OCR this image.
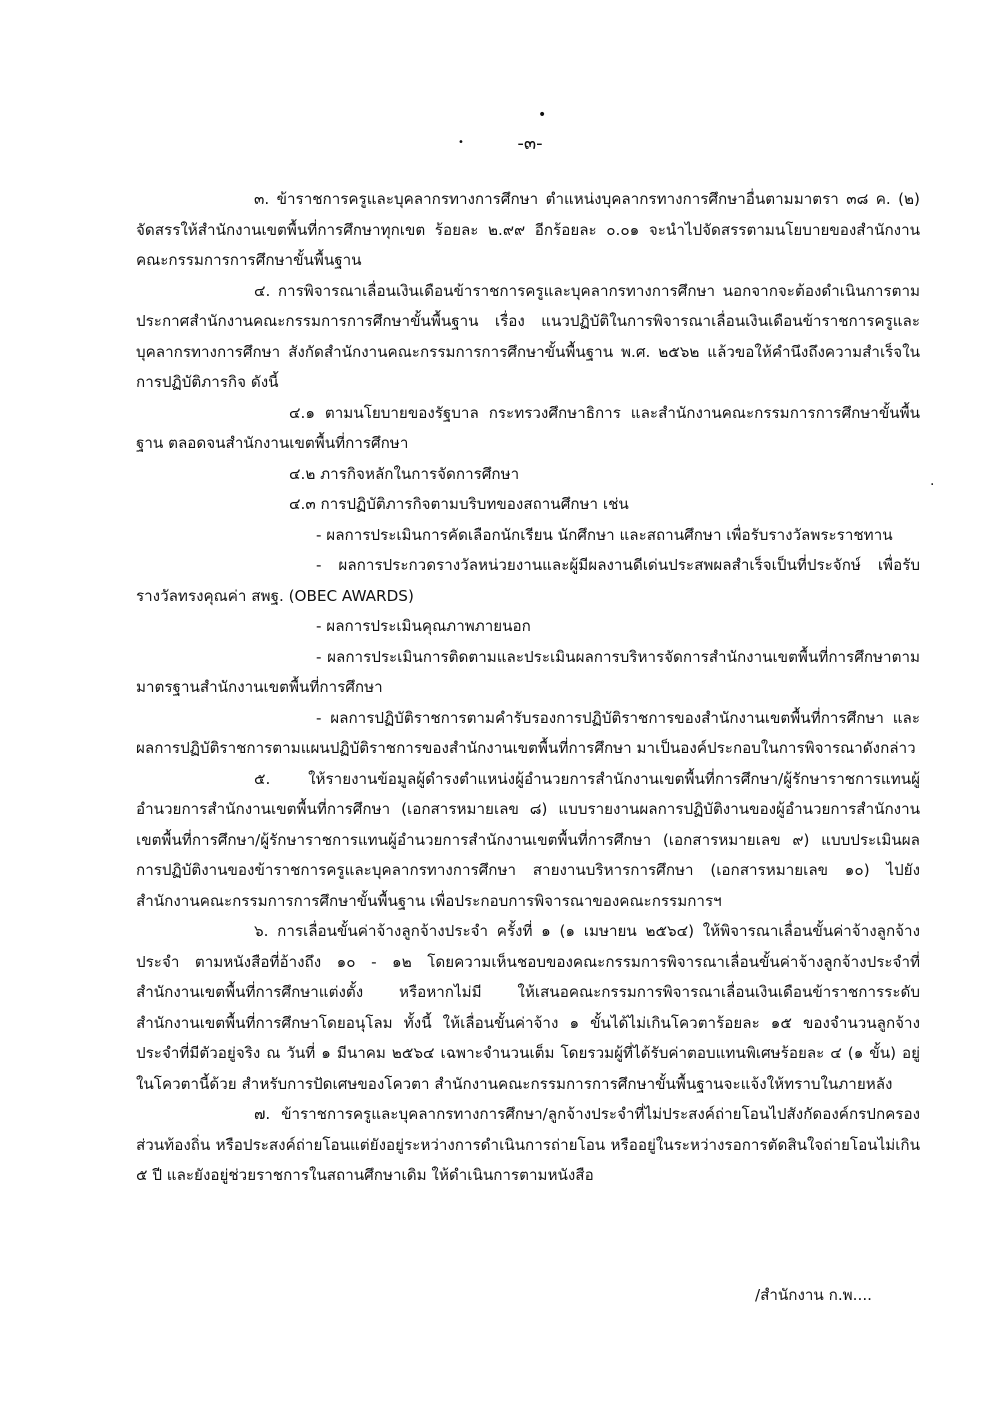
•
•
.
-๓-

๓. ข้าราชการครูและบุคลากรทางการศึกษา ตำแหน่งบุคลากรทางการศึกษาอื่นตามมาตรา ๓๘ ค. (๒) จัดสรรให้สำนักงานเขตพื้นที่การศึกษาทุกเขต ร้อยละ ๒.๙๙ อีกร้อยละ ๐.๐๑ จะนำไปจัดสรรตามนโยบายของสำนักงานคณะกรรมการการศึกษาขั้นพื้นฐาน

๔. การพิจารณาเลื่อนเงินเดือนข้าราชการครูและบุคลากรทางการศึกษา นอกจากจะต้องดำเนินการตามประกาศสำนักงานคณะกรรมการการศึกษาขั้นพื้นฐาน เรื่อง แนวปฏิบัติในการพิจารณาเลื่อนเงินเดือนข้าราชการครูและบุคลากรทางการศึกษา สังกัดสำนักงานคณะกรรมการการศึกษาขั้นพื้นฐาน พ.ศ. ๒๕๖๒ แล้วขอให้คำนึงถึงความสำเร็จในการปฏิบัติภารกิจ ดังนี้

๔.๑ ตามนโยบายของรัฐบาล กระทรวงศึกษาธิการ และสำนักงานคณะกรรมการการศึกษาขั้นพื้นฐาน ตลอดจนสำนักงานเขตพื้นที่การศึกษา

๔.๒ ภารกิจหลักในการจัดการศึกษา

๔.๓ การปฏิบัติภารกิจตามบริบทของสถานศึกษา เช่น

- ผลการประเมินการคัดเลือกนักเรียน นักศึกษา และสถานศึกษา เพื่อรับรางวัลพระราชทาน

- ผลการประกวดรางวัลหน่วยงานและผู้มีผลงานดีเด่นประสพผลสำเร็จเป็นที่ประจักษ์ เพื่อรับรางวัลทรงคุณค่า สพฐ. (OBEC AWARDS)

- ผลการประเมินคุณภาพภายนอก

- ผลการประเมินการติดตามและประเมินผลการบริหารจัดการสำนักงานเขตพื้นที่การศึกษาตามมาตรฐานสำนักงานเขตพื้นที่การศึกษา

- ผลการปฏิบัติราชการตามคำรับรองการปฏิบัติราชการของสำนักงานเขตพื้นที่การศึกษา และผลการปฏิบัติราชการตามแผนปฏิบัติราชการของสำนักงานเขตพื้นที่การศึกษา มาเป็นองค์ประกอบในการพิจารณาดังกล่าว

๕. ให้รายงานข้อมูลผู้ดำรงตำแหน่งผู้อำนวยการสำนักงานเขตพื้นที่การศึกษา/ผู้รักษาราชการแทนผู้อำนวยการสำนักงานเขตพื้นที่การศึกษา (เอกสารหมายเลข ๘) แบบรายงานผลการปฏิบัติงานของผู้อำนวยการสำนักงานเขตพื้นที่การศึกษา/ผู้รักษาราชการแทนผู้อำนวยการสำนักงานเขตพื้นที่การศึกษา (เอกสารหมายเลข ๙) แบบประเมินผลการปฏิบัติงานของข้าราชการครูและบุคลากรทางการศึกษา สายงานบริหารการศึกษา (เอกสารหมายเลข ๑๐) ไปยังสำนักงานคณะกรรมการการศึกษาขั้นพื้นฐาน เพื่อประกอบการพิจารณาของคณะกรรมการฯ

๖. การเลื่อนขั้นค่าจ้างลูกจ้างประจำ ครั้งที่ ๑ (๑ เมษายน ๒๕๖๔) ให้พิจารณาเลื่อนขั้นค่าจ้างลูกจ้างประจำ ตามหนังสือที่อ้างถึง ๑๐ - ๑๒ โดยความเห็นชอบของคณะกรรมการพิจารณาเลื่อนขั้นค่าจ้างลูกจ้างประจำที่สำนักงานเขตพื้นที่การศึกษาแต่งตั้ง หรือหากไม่มี ให้เสนอคณะกรรมการพิจารณาเลื่อนเงินเดือนข้าราชการระดับสำนักงานเขตพื้นที่การศึกษาโดยอนุโลม ทั้งนี้ ให้เลื่อนขั้นค่าจ้าง ๑ ขั้นได้ไม่เกินโควตาร้อยละ ๑๕ ของจำนวนลูกจ้างประจำที่มีตัวอยู่จริง ณ วันที่ ๑ มีนาคม ๒๕๖๔ เฉพาะจำนวนเต็ม โดยรวมผู้ที่ได้รับค่าตอบแทนพิเศษร้อยละ ๔ (๑ ขั้น) อยู่ในโควตานี้ด้วย สำหรับการปัดเศษของโควตา สำนักงานคณะกรรมการการศึกษาขั้นพื้นฐานจะแจ้งให้ทราบในภายหลัง

๗. ข้าราชการครูและบุคลากรทางการศึกษา/ลูกจ้างประจำที่ไม่ประสงค์ถ่ายโอนไปสังกัดองค์กรปกครองส่วนท้องถิ่น หรือประสงค์ถ่ายโอนแต่ยังอยู่ระหว่างการดำเนินการถ่ายโอน หรืออยู่ในระหว่างรอการตัดสินใจถ่ายโอนไม่เกิน ๕ ปี และยังอยู่ช่วยราชการในสถานศึกษาเดิม ให้ดำเนินการตามหนังสือ

/สำนักงาน ก.พ....
